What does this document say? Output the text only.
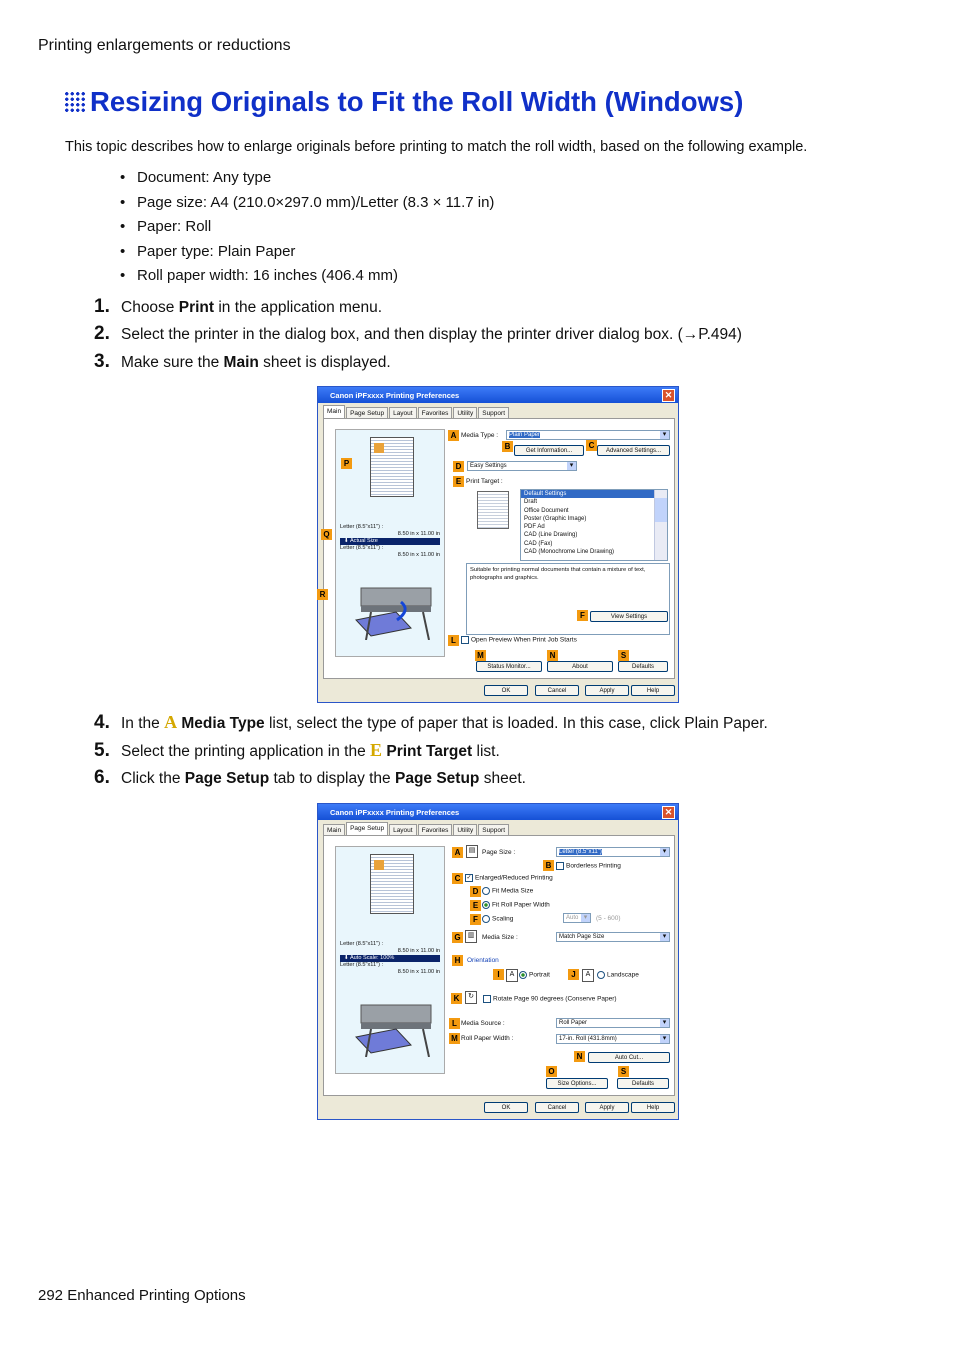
Printing enlargements or reductions
Resizing Originals to Fit the Roll Width (Windows)
This topic describes how to enlarge originals before printing to match the roll width, based on the following example.
• Document: Any type
• Page size: A4 (210.0×297.0 mm)/Letter (8.3 × 11.7 in)
• Paper: Roll
• Paper type: Plain Paper
• Roll paper width: 16 inches (406.4 mm)
1. Choose Print in the application menu.
2. Select the printer in the dialog box, and then display the printer driver dialog box. (→P.494)
3. Make sure the Main sheet is displayed.
Canon iPFxxxx Printing Preferences	✕
Main	Page Setup	Layout	Favorites	Utility	Support
Letter (8.5"x11") :
8.50 in x 11.00 in
⬇ Actual Size
Letter (8.5"x11") :
8.50 in x 11.00 in
P
Q
R
A Media Type :	Plain Paper ▾
B	Get Information...
C
Advanced Settings...
D	Easy Settings ▾
E Print Target :
Default Settings
Draft
Office Document
Poster (Graphic Image)
PDF Ad
CAD (Line Drawing)
CAD (Fax)
CAD (Monochrome Line Drawing)
Suitable for printing normal documents that contain a mixture of text, photographs and graphics.
F	View Settings
L	Open Preview When Print Job Starts
M	N	S
Status Monitor...	About	Defaults
OK	Cancel	Apply	Help
4. In the A Media Type list, select the type of paper that is loaded. In this case, click Plain Paper.
5. Select the printing application in the E Print Target list.
6. Click the Page Setup tab to display the Page Setup sheet.
Canon iPFxxxx Printing Preferences	✕
Main	Page Setup	Layout	Favorites	Utility	Support
Letter (8.5"x11") :
8.50 in x 11.00 in
⬇ Auto Scale: 100%
Letter (8.5"x11") :
8.50 in x 11.00 in
A	▤	Page Size :	Letter (8.5"x11") ▾
B	Borderless Printing
C	✓ Enlarged/Reduced Printing
D	Fit Media Size
E	Fit Roll Paper Width
F	Scaling	Auto ▾	(5 - 600)
G	▥	Media Size :	Match Page Size ▾
H	Orientation
I	A	Portrait	J	A	Landscape
K	↻	Rotate Page 90 degrees (Conserve Paper)
L Media Source :	Roll Paper ▾
M Roll Paper Width :	17-in. Roll (431.8mm) ▾
N	Auto Cut...
O	S
Size Options...	Defaults
OK	Cancel	Apply	Help
292 Enhanced Printing Options
